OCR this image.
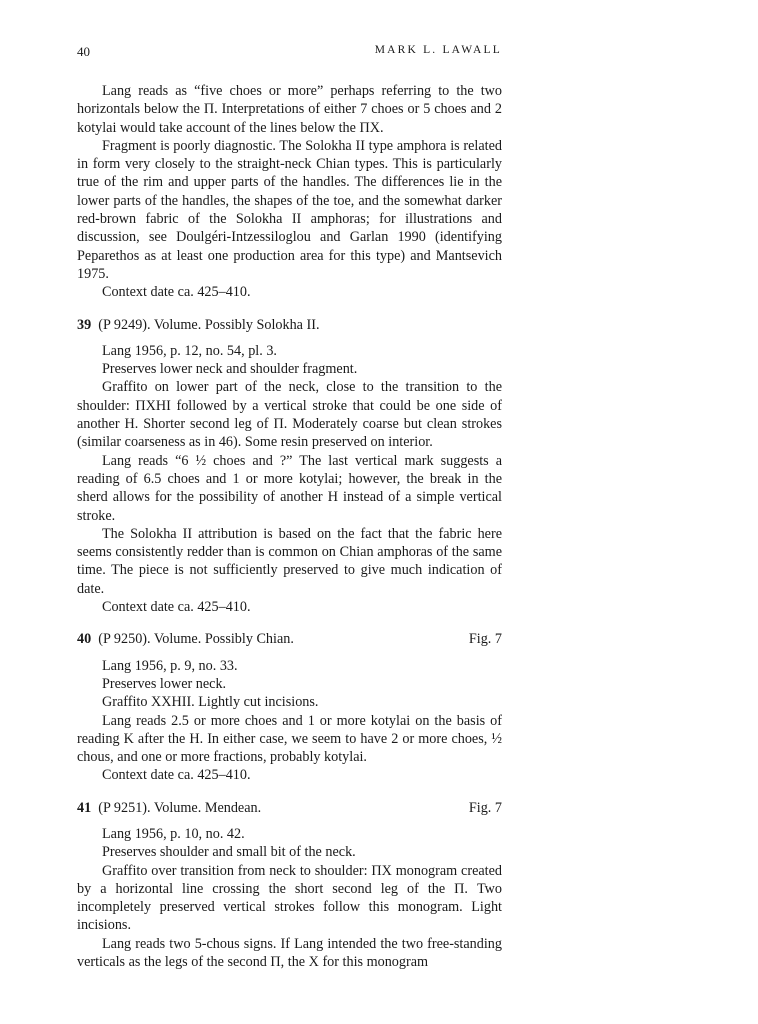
40	MARK L. LAWALL

Lang reads as “five choes or more” perhaps referring to the two horizontals below the Π. Interpretations of either 7 choes or 5 choes and 2 kotylai would take account of the lines below the ΠΧ.

Fragment is poorly diagnostic. The Solokha II type amphora is related in form very closely to the straight-neck Chian types. This is particularly true of the rim and upper parts of the handles. The differences lie in the lower parts of the handles, the shapes of the toe, and the somewhat darker red-brown fabric of the Solokha II amphoras; for illustrations and discussion, see Doulgéri-Intzessiloglou and Garlan 1990 (identifying Peparethos as at least one production area for this type) and Mantsevich 1975.

Context date ca. 425–410.

39 (P 9249). Volume. Possibly Solokha II.

Lang 1956, p. 12, no. 54, pl. 3.

Preserves lower neck and shoulder fragment.

Graffito on lower part of the neck, close to the transition to the shoulder: ΠΧΗΙ followed by a vertical stroke that could be one side of another Η. Shorter second leg of Π. Moderately coarse but clean strokes (similar coarseness as in 46). Some resin preserved on interior.

Lang reads “6 ½ choes and ?” The last vertical mark suggests a reading of 6.5 choes and 1 or more kotylai; however, the break in the sherd allows for the possibility of another Η instead of a simple vertical stroke.

The Solokha II attribution is based on the fact that the fabric here seems consistently redder than is common on Chian amphoras of the same time. The piece is not sufficiently preserved to give much indication of date.

Context date ca. 425–410.

40 (P 9250). Volume. Possibly Chian.	Fig. 7

Lang 1956, p. 9, no. 33.

Preserves lower neck.

Graffito ΧΧΗΙΙ. Lightly cut incisions.

Lang reads 2.5 or more choes and 1 or more kotylai on the basis of reading Κ after the Η. In either case, we seem to have 2 or more choes, ½ chous, and one or more fractions, probably kotylai.

Context date ca. 425–410.

41 (P 9251). Volume. Mendean.	Fig. 7

Lang 1956, p. 10, no. 42.

Preserves shoulder and small bit of the neck.

Graffito over transition from neck to shoulder: ΠΧ monogram created by a horizontal line crossing the short second leg of the Π. Two incompletely preserved vertical strokes follow this monogram. Light incisions.

Lang reads two 5-chous signs. If Lang intended the two free-standing verticals as the legs of the second Π, the Χ for this monogram
